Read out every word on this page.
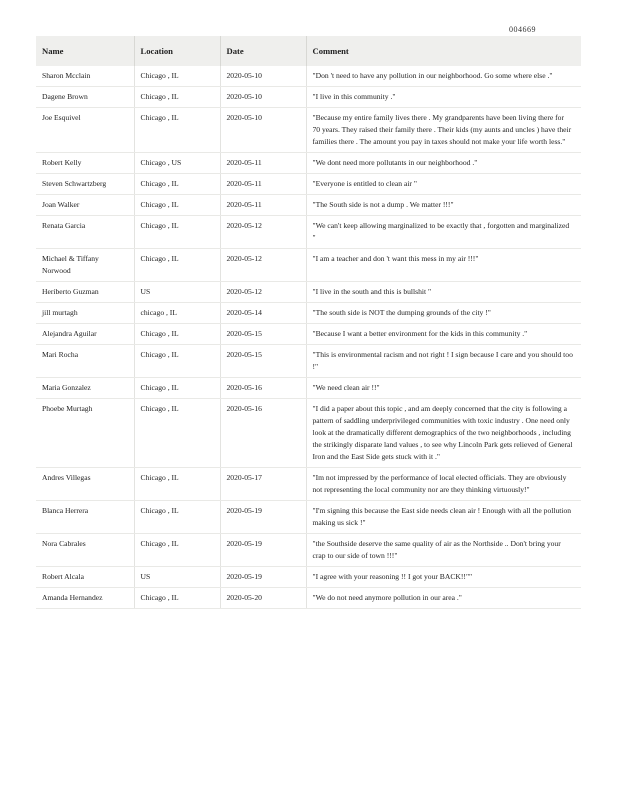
004669
Name	Location	Date	Comment
Sharon Mcclain	Chicago , IL	2020-05-10	"Don 't need to have any pollution in our neighborhood. Go some where else ."
Dagene Brown	Chicago , IL	2020-05-10	"I live in this community ."
Joe Esquivel	Chicago , IL	2020-05-10	"Because my entire family lives there . My grandparents have been living there for 70 years. They raised their family there . Their kids (my aunts and uncles ) have their families there . The amount you pay in taxes should not make your life worth less."
Robert Kelly	Chicago , US	2020-05-11	"We dont need more pollutants in our neighborhood ."
Steven Schwartzberg	Chicago , IL	2020-05-11	"Everyone is entitled to clean air "
Joan Walker	Chicago , IL	2020-05-11	"The South side is not a dump . We matter !!!"
Renata Garcia	Chicago , IL	2020-05-12	"We can't keep allowing marginalized to be exactly that , forgotten and marginalized "
Michael & Tiffany Norwood	Chicago , IL	2020-05-12	"I am a teacher and don 't want this mess in my air !!!"
Heriberto Guzman	US	2020-05-12	"I live in the south and this is bullshit "
jill murtagh	chicago , IL	2020-05-14	"The south side is NOT the dumping grounds of the city !"
Alejandra Aguilar	Chicago , IL	2020-05-15	"Because I want a better environment for the kids in this community ."
Mari Rocha	Chicago , IL	2020-05-15	"This is environmental racism and not right ! I sign because I care and you should too !"
Maria Gonzalez	Chicago , IL	2020-05-16	"We need clean air !!"
Phoebe Murtagh	Chicago , IL	2020-05-16	"I did a paper about this topic , and am deeply concerned that the city is following a pattern of saddling underprivileged communities with toxic industry . One need only look at the dramatically different demographics of the two neighborhoods , including the strikingly disparate land values , to see why Lincoln Park gets relieved of General Iron and the East Side gets stuck with it ."
Andres Villegas	Chicago , IL	2020-05-17	"Im not impressed by the performance of local elected officials. They are obviously not representing the local community nor are they thinking virtuously!"
Blanca Herrera	Chicago , IL	2020-05-19	"I'm signing this because the East side needs clean air ! Enough with all the pollution making us sick !"
Nora Cabrales	Chicago , IL	2020-05-19	"the Southside deserve the same quality of air as the Northside .. Don't bring your crap to our side of town !!!"
Robert Alcala	US	2020-05-19	"I agree with your reasoning !! I got your BACK!!""
Amanda Hernandez	Chicago , IL	2020-05-20	"We do not need anymore pollution in our area ."
